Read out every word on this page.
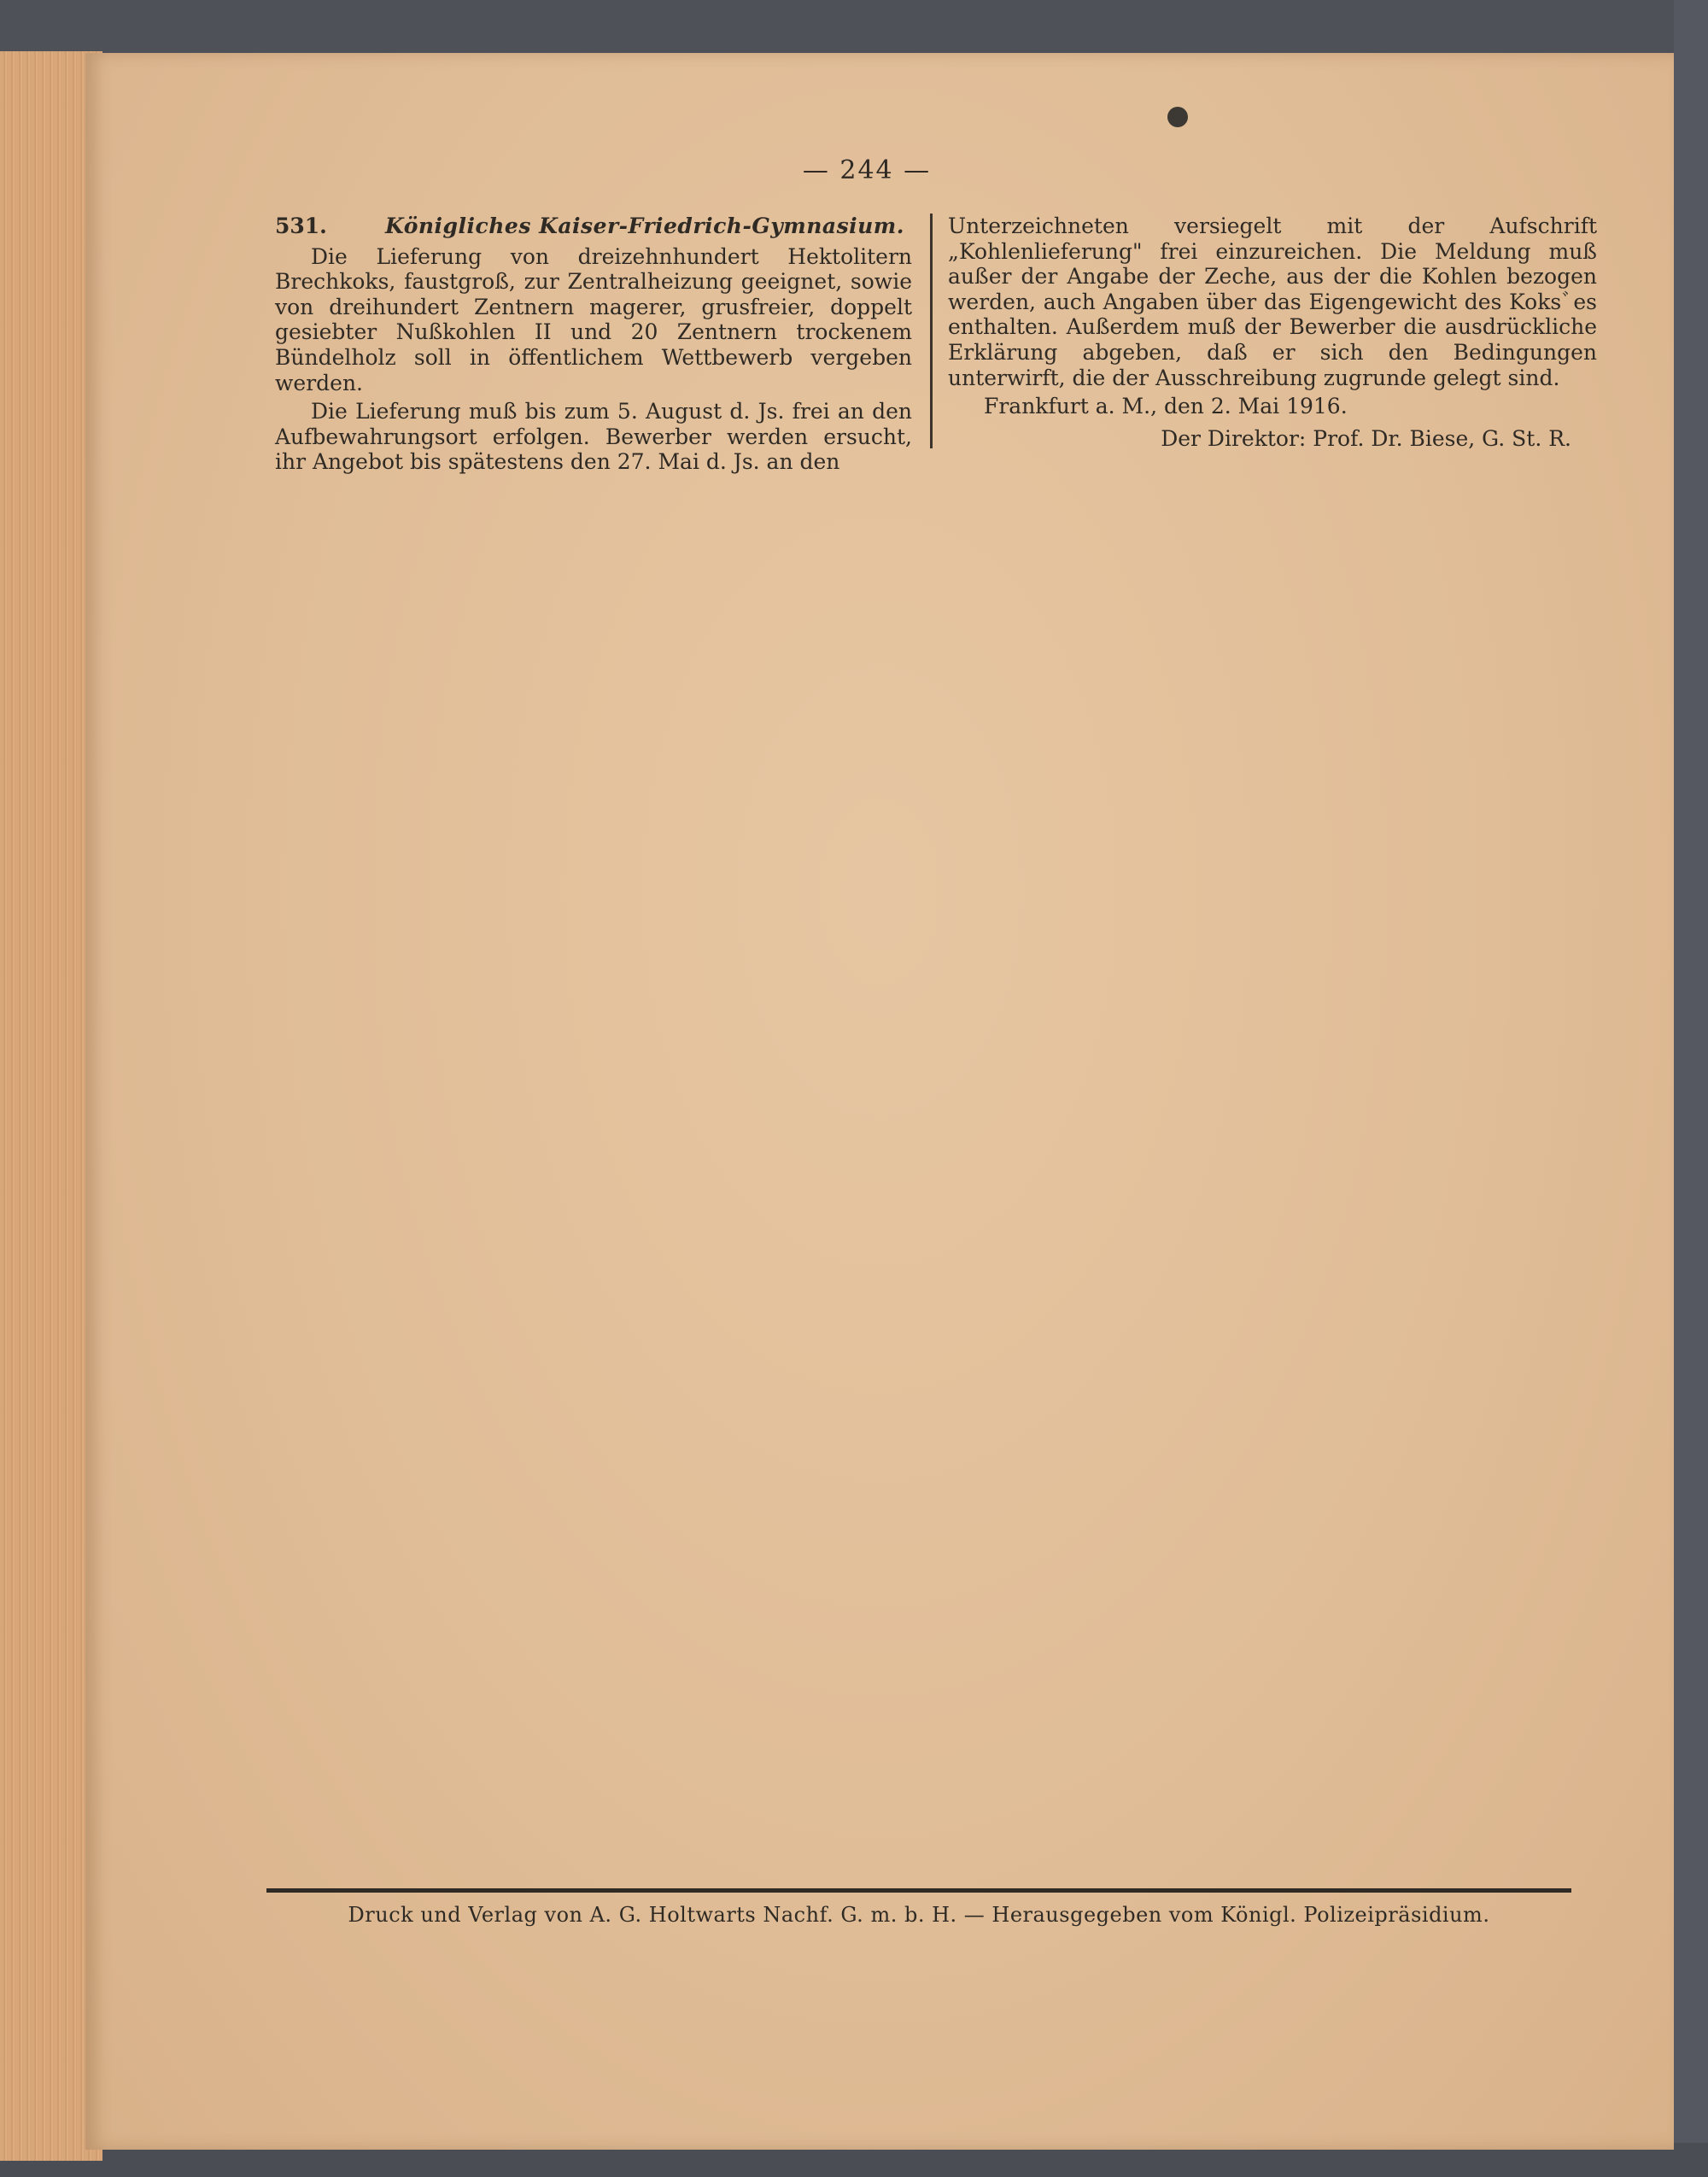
— 244 —
531.	Königliches Kaiser-Friedrich-Gymnasium.

Die Lieferung von dreizehnhundert Hektolitern Brechkoks, faustgroß, zur Zentralheizung geeignet, sowie von dreihundert Zentnern magerer, grusfreier, doppelt gesiebter Nußkohlen II und 20 Zentnern trockenem Bündelholz soll in öffentlichem Wettbewerb vergeben werden.

Die Lieferung muß bis zum 5. August d. Js. frei an den Aufbewahrungsort erfolgen. Bewerber werden ersucht, ihr Angebot bis spätestens den 27. Mai d. Js. an den

Unterzeichneten versiegelt mit der Aufschrift „Kohlenlieferung" frei einzureichen. Die Meldung muß außer der Angabe der Zeche, aus der die Kohlen bezogen werden, auch Angaben über das Eigengewicht des Koksﾞes enthalten. Außerdem muß der Bewerber die ausdrückliche Erklärung abgeben, daß er sich den Bedingungen unterwirft, die der Ausschreibung zugrunde gelegt sind.

Frankfurt a. M., den 2. Mai 1916.

Der Direktor: Prof. Dr. Biese, G. St. R.
Druck und Verlag von A. G. Holtwarts Nachf. G. m. b. H. — Herausgegeben vom Königl. Polizeipräsidium.
